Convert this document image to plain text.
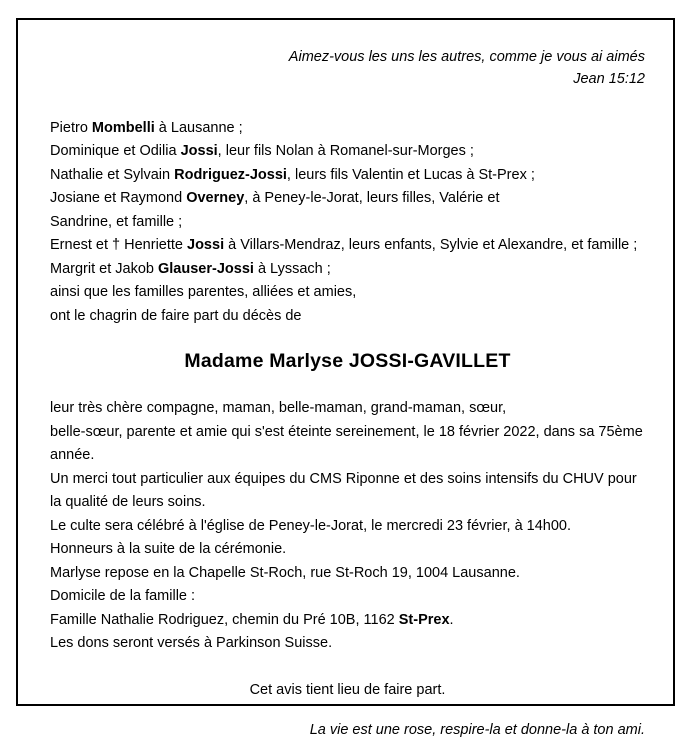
Aimez-vous les uns les autres, comme je vous ai aimés
Jean 15:12
Pietro Mombelli à Lausanne ;
Dominique et Odilia Jossi, leur fils Nolan à Romanel-sur-Morges ;
Nathalie et Sylvain Rodriguez-Jossi, leurs fils Valentin et Lucas à St-Prex ;
Josiane et Raymond Overney, à Peney-le-Jorat, leurs filles, Valérie et
Sandrine, et famille ;
Ernest et † Henriette Jossi à Villars-Mendraz, leurs enfants, Sylvie et Alexandre, et famille ;
Margrit et Jakob Glauser-Jossi à Lyssach ;
ainsi que les familles parentes, alliées et amies,
ont le chagrin de faire part du décès de
Madame Marlyse JOSSI-GAVILLET

leur très chère compagne, maman, belle-maman, grand-maman, sœur,

belle-sœur, parente et amie qui s'est éteinte sereinement, le 18 février 2022, dans sa 75ème

année.

Un merci tout particulier aux équipes du CMS Riponne et des soins intensifs du CHUV pour

la qualité de leurs soins.

Le culte sera célébré à l'église de Peney-le-Jorat, le mercredi 23 février, à 14h00.

Honneurs à la suite de la cérémonie.

Marlyse repose en la Chapelle St-Roch, rue St-Roch 19, 1004 Lausanne.

Domicile de la famille :

Famille Nathalie Rodriguez, chemin du Pré 10B, 1162 St-Prex.

Les dons seront versés à Parkinson Suisse.

Cet avis tient lieu de faire part.
La vie est une rose, respire-la et donne-la à ton ami.
